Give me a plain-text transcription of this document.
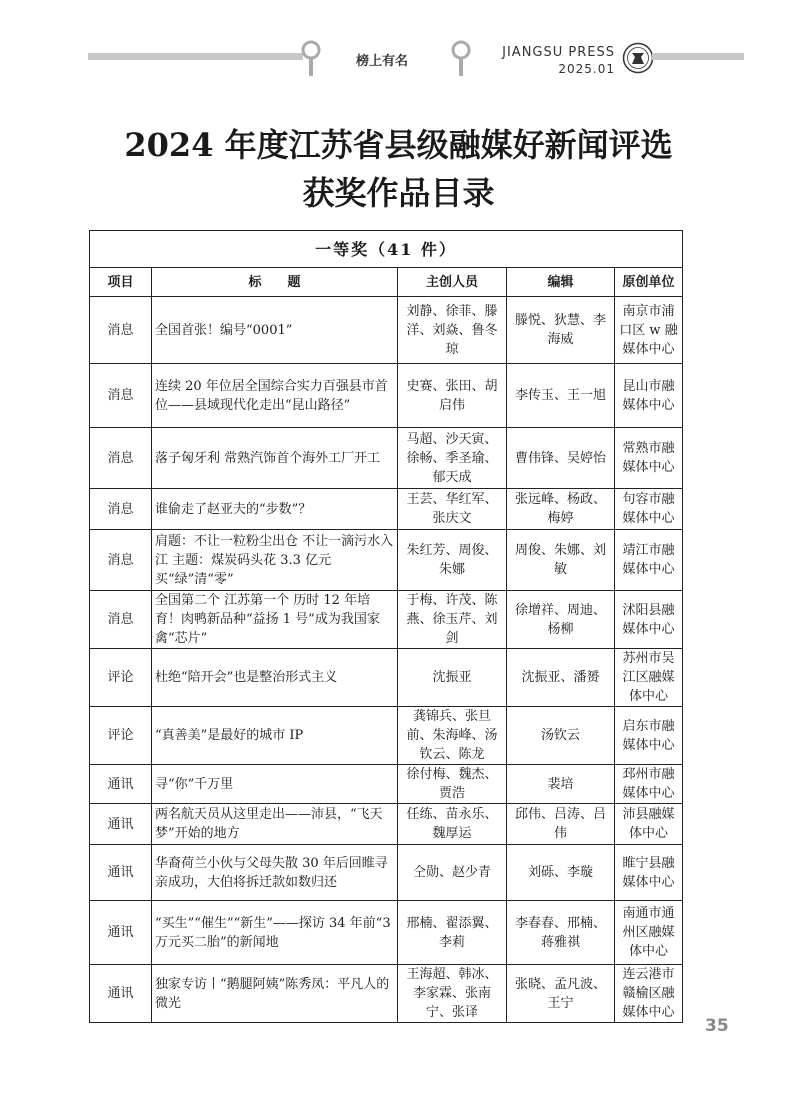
榜上有名
JIANGSU PRESS
2025.01
2024 年度江苏省县级融媒好新闻评选
获奖作品目录
一等奖（41 件）				
项目	标　　题	主创人员	编辑	原创单位
消息	全国首张！编号“0001”	刘静、徐菲、滕洋、刘焱、鲁冬琼	滕悦、狄慧、李海威	南京市浦口区 w 融媒体中心
消息	连续 20 年位居全国综合实力百强县市首位——县域现代化走出“昆山路径”	史赛、张田、胡启伟	李传玉、王一旭	昆山市融媒体中心
消息	落子匈牙利 常熟汽饰首个海外工厂开工	马超、沙天寅、徐畅、季圣瑜、郁天成	曹伟锋、吴婷怡	常熟市融媒体中心
消息	谁偷走了赵亚夫的“步数”？	王芸、华红军、张庆文	张远峰、杨政、梅婷	句容市融媒体中心
消息	肩题：不让一粒粉尘出仓 不让一滴污水入江 主题：煤炭码头花 3.3 亿元买“绿”清“零”	朱红芳、周俊、朱娜	周俊、朱娜、刘敏	靖江市融媒体中心
消息	全国第二个 江苏第一个 历时 12 年培育！肉鸭新品种“益扬 1 号”成为我国家禽“芯片”	于梅、许茂、陈燕、徐玉芹、刘剑	徐增祥、周迪、杨柳	沭阳县融媒体中心
评论	杜绝“陪开会”也是整治形式主义	沈振亚	沈振亚、潘赟	苏州市吴江区融媒体中心
评论	“真善美”是最好的城市 IP	龚锦兵、张旦前、朱海峰、汤钦云、陈龙	汤钦云	启东市融媒体中心
通讯	寻“你”千万里	徐付梅、魏杰、贾浩	裴培	邳州市融媒体中心
通讯	两名航天员从这里走出——沛县，“飞天梦”开始的地方	任练、苗永乐、魏厚运	邱伟、吕涛、吕伟	沛县融媒体中心
通讯	华裔荷兰小伙与父母失散 30 年后回睢寻亲成功，大伯将拆迁款如数归还	仝勋、赵少青	刘砾、李璇	睢宁县融媒体中心
通讯	“买生”“催生”“新生”——探访 34 年前“3 万元买二胎”的新闻地	邢楠、翟添翼、李莉	李春春、邢楠、蒋雅祺	南通市通州区融媒体中心
通讯	独家专访丨“鹅腿阿姨”陈秀凤：平凡人的微光	王海超、韩冰、李家霖、张南宁、张译	张晓、孟凡波、王宁	连云港市赣榆区融媒体中心
35
